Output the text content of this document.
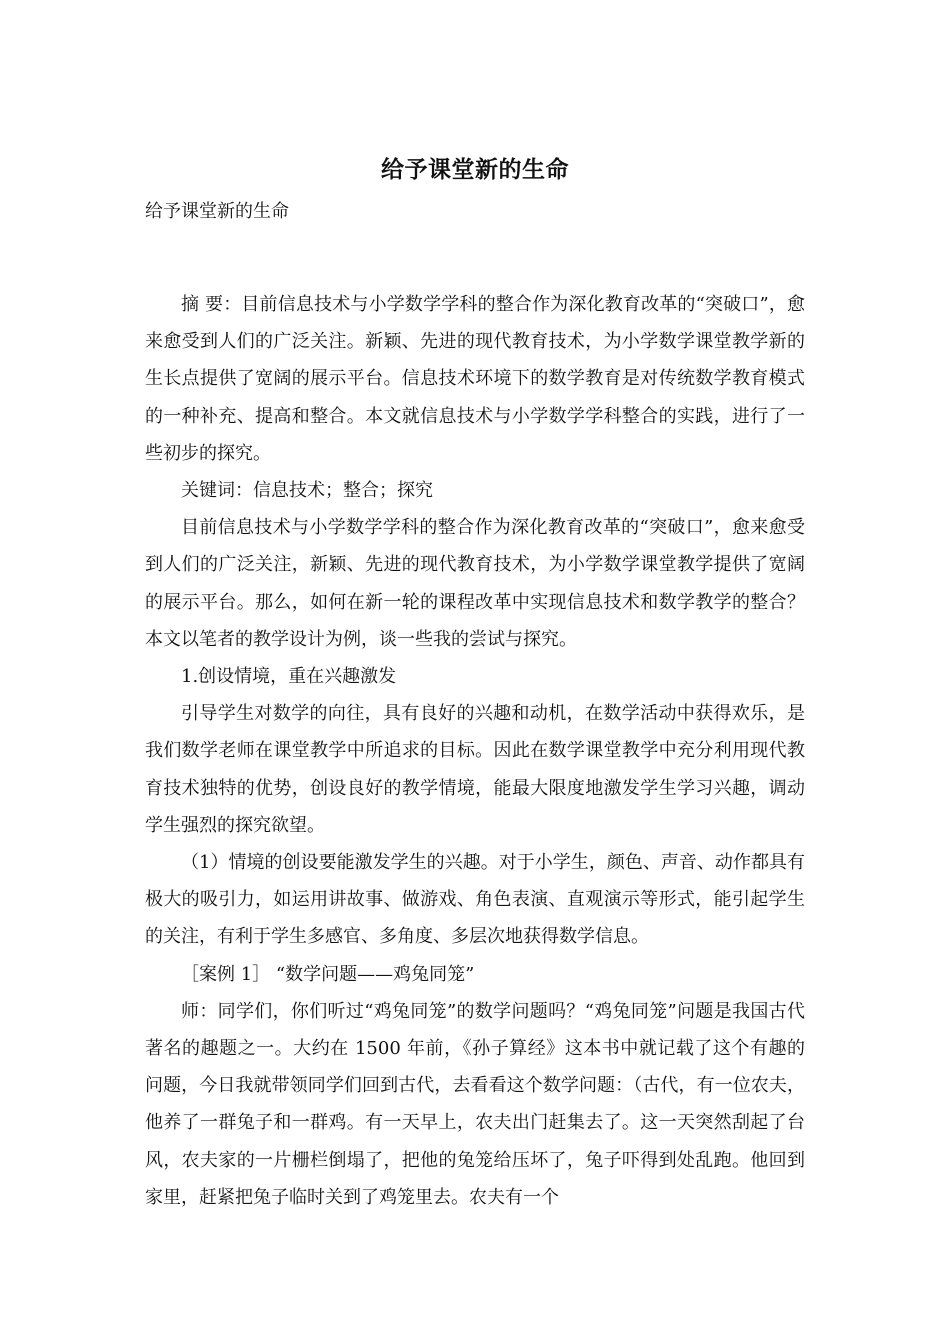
给予课堂新的生命

给予课堂新的生命

摘 要：目前信息技术与小学数学学科的整合作为深化教育改革的“突破口”，愈来愈受到人们的广泛关注。新颖、先进的现代教育技术，为小学数学课堂教学新的生长点提供了宽阔的展示平台。信息技术环境下的数学教育是对传统数学教育模式的一种补充、提高和整合。本文就信息技术与小学数学学科整合的实践，进行了一些初步的探究。

关键词：信息技术；整合；探究

目前信息技术与小学数学学科的整合作为深化教育改革的“突破口”，愈来愈受到人们的广泛关注，新颖、先进的现代教育技术，为小学数学课堂教学提供了宽阔的展示平台。那么，如何在新一轮的课程改革中实现信息技术和数学教学的整合？本文以笔者的教学设计为例，谈一些我的尝试与探究。

1.创设情境，重在兴趣激发

引导学生对数学的向往，具有良好的兴趣和动机，在数学活动中获得欢乐，是我们数学老师在课堂教学中所追求的目标。因此在数学课堂教学中充分利用现代教育技术独特的优势，创设良好的教学情境，能最大限度地激发学生学习兴趣，调动学生强烈的探究欲望。

（1）情境的创设要能激发学生的兴趣。对于小学生，颜色、声音、动作都具有极大的吸引力，如运用讲故事、做游戏、角色表演、直观演示等形式，能引起学生的关注，有利于学生多感官、多角度、多层次地获得数学信息。

［案例 1］ “数学问题——鸡兔同笼”

师：同学们，你们听过“鸡兔同笼”的数学问题吗？“鸡兔同笼”问题是我国古代著名的趣题之一。大约在 1500 年前，《孙子算经》这本书中就记载了这个有趣的问题，今日我就带领同学们回到古代，去看看这个数学问题：（古代，有一位农夫，他养了一群兔子和一群鸡。有一天早上，农夫出门赶集去了。这一天突然刮起了台风，农夫家的一片栅栏倒塌了，把他的兔笼给压坏了，兔子吓得到处乱跑。他回到家里，赶紧把兔子临时关到了鸡笼里去。农夫有一个
